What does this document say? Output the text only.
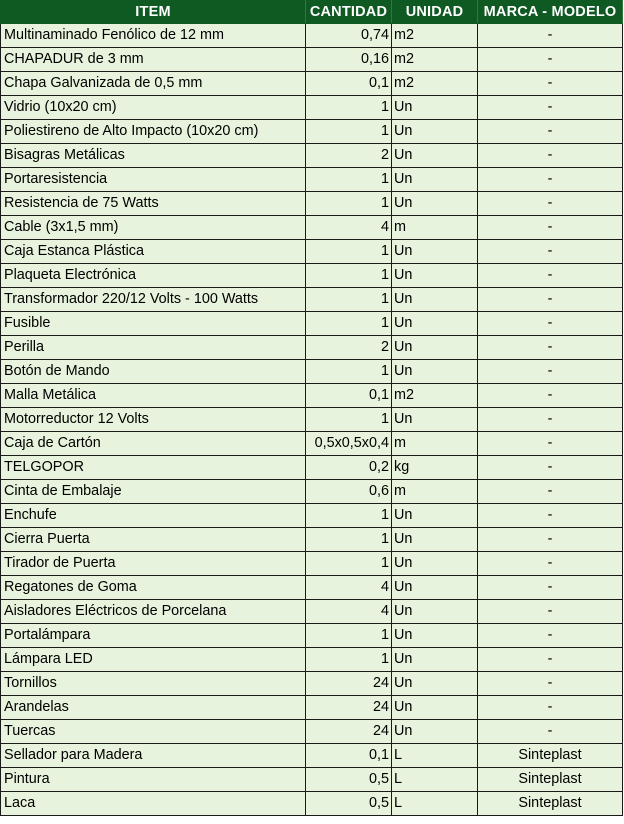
ITEM	CANTIDAD	UNIDAD	MARCA - MODELO
Multinaminado Fenólico de 12 mm	0,74	m2	-
CHAPADUR de 3 mm	0,16	m2	-
Chapa Galvanizada de 0,5 mm	0,1	m2	-
Vidrio (10x20 cm)	1	Un	-
Poliestireno de Alto Impacto (10x20 cm)	1	Un	-
Bisagras Metálicas	2	Un	-
Portaresistencia	1	Un	-
Resistencia de 75 Watts	1	Un	-
Cable (3x1,5 mm)	4	m	-
Caja Estanca Plástica	1	Un	-
Plaqueta Electrónica	1	Un	-
Transformador 220/12 Volts - 100 Watts	1	Un	-
Fusible	1	Un	-
Perilla	2	Un	-
Botón de Mando	1	Un	-
Malla Metálica	0,1	m2	-
Motorreductor 12 Volts	1	Un	-
Caja de Cartón	0,5x0,5x0,4	m	-
TELGOPOR	0,2	kg	-
Cinta de Embalaje	0,6	m	-
Enchufe	1	Un	-
Cierra Puerta	1	Un	-
Tirador de Puerta	1	Un	-
Regatones de Goma	4	Un	-
Aisladores Eléctricos de Porcelana	4	Un	-
Portalámpara	1	Un	-
Lámpara LED	1	Un	-
Tornillos	24	Un	-
Arandelas	24	Un	-
Tuercas	24	Un	-
Sellador para Madera	0,1	L	Sinteplast
Pintura	0,5	L	Sinteplast
Laca	0,5	L	Sinteplast
